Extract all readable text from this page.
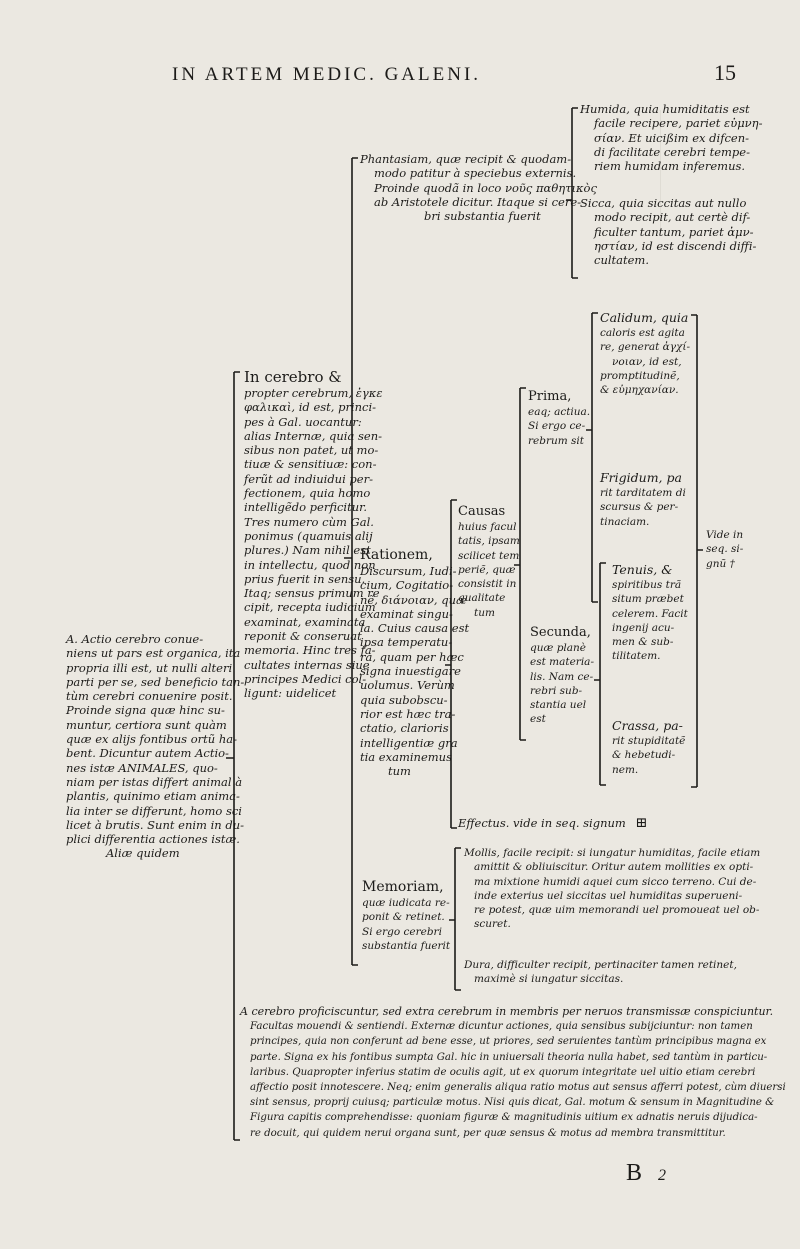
IN ARTEM MEDIC. GALENI.	15
A. Actio cerebro conue-
niens ut pars est organica, ita
propria illi est, ut nulli alteri
parti per se, sed beneficio tan-
tùm cerebri conuenire posit.
Proinde signa quæ hinc su-
muntur, certiora sunt quàm
quæ ex alijs fontibus ortũ ha-
bent. Dicuntur autem Actio-
nes istæ ANIMALES, quo-
niam per istas differt animal à
plantis, quinimo etiam anima-
lia inter se differunt, homo sci
licet à brutis. Sunt enim in du-
plici differentia actiones istæ.
Aliæ quidem
In cerebro &
propter cerebrum, ἐγκε
φαλικαὶ, id est, princi-
pes à Gal. uocantur:
alias Internæ, quia sen-
sibus non patet, ut mo-
tiuæ & sensitiuæ: con-
ferũt ad indiuidui per-
fectionem, quia homo
intelligẽdo perficitur.
Tres numero cùm Gal.
ponimus (quamuis alij
plures.) Nam nihil est
in intellectu, quod non
prius fuerit in sensu.
Itaq; sensus primum re
cipit, recepta iudicium
examinat, examinata
reponit & conseruat
memoria. Hinc tres fa-
cultates internas siue
principes Medici col-
ligunt: uidelicet
Phantasiam, quæ recipit & quodam-
modo patitur à speciebus externis.
Proinde quodã in loco νοῦς παθητικὸς
ab Aristotele dicitur. Itaque si cere-
bri substantia fuerit
Humida, quia humiditatis est
facile recipere, pariet εὐμνη-
σίαν. Et uicißim ex difcen-
di facilitate cerebri tempe-
riem humidam inferemus.
Sicca, quia siccitas aut nullo
modo recipit, aut certè dif-
ficulter tantum, pariet ἀμν-
ηστίαν, id est discendi diffi-
cultatem.
Rationem,
Discursum, Iudi-
cium, Cogitatio-
nẽ, διάνοιαν, quæ
examinat singu-
la. Cuius causa est
ipsa temperatu-
ra, quam per hæc
signa inuestigare
uolumus. Verùm
quia subobscu-
rior est hæc tra-
ctatio, clarioris
intelligentiæ gra
tia examinemus
tum
Causas
huius facul
tatis, ipsam
scilicet tem
periẽ, quæ
consistit in
qualitate
tum
Prima,
eaq; actiua.
Si ergo ce-
rebrum sit
Secunda,
quæ planè
est materia-
lis. Nam ce-
rebri sub-
stantia uel
est
Calidum, quia
caloris est agita
re, generat ἀγχί-
νοιαν, id est,
promptitudinẽ,
& εὐμηχανίαν.
Frigidum, pa
rit tarditatem di
scursus & per-
tinaciam.
Tenuis, &
spiritibus trã
situm præbet
celerem. Facit
ingenij acu-
men & sub-
tilitatem.
Crassa, pa-
rit stupiditatẽ
& hebetudi-
nem.
Vide in
seq. si-
gnũ †
Effectus. vide in seq. signum ⊞
Memoriam,
quæ iudicata re-
ponit & retinet.
Si ergo cerebri
substantia fuerit
Mollis, facile recipit: si iungatur humiditas, facile etiam
amittit & obliuiscitur. Oritur autem mollities ex opti-
ma mixtione humidi aquei cum sicco terreno. Cui de-
inde exterius uel siccitas uel humiditas superueni-
re potest, quæ uim memorandi uel promoueat uel ob-
scuret.
Dura, difficulter recipit, pertinaciter tamen retinet,
maximè si iungatur siccitas.
A cerebro proficiscuntur, sed extra cerebrum in membris per neruos transmissæ conspiciuntur.
Facultas mouendi & sentiendi. Externæ dicuntur actiones, quia sensibus subijciuntur: non tamen
principes, quia non conferunt ad bene esse, ut priores, sed seruientes tantùm principibus magna ex
parte. Signa ex his fontibus sumpta Gal. hic in uniuersali theoria nulla habet, sed tantùm in particu-
laribus. Quapropter inferius statim de oculis agit, ut ex quorum integritate uel uitio etiam cerebri
affectio posit innotescere. Neq; enim generalis aliqua ratio motus aut sensus afferri potest, cùm diuersi
sint sensus, proprij cuiusq; particulæ motus. Nisi quis dicat, Gal. motum & sensum in Magnitudine &
Figura capitis comprehendisse: quoniam figuræ & magnitudinis uitium ex adnatis neruis dijudica-
re docuit, qui quidem nerui organa sunt, per quæ sensus & motus ad membra transmittitur.
B 2
